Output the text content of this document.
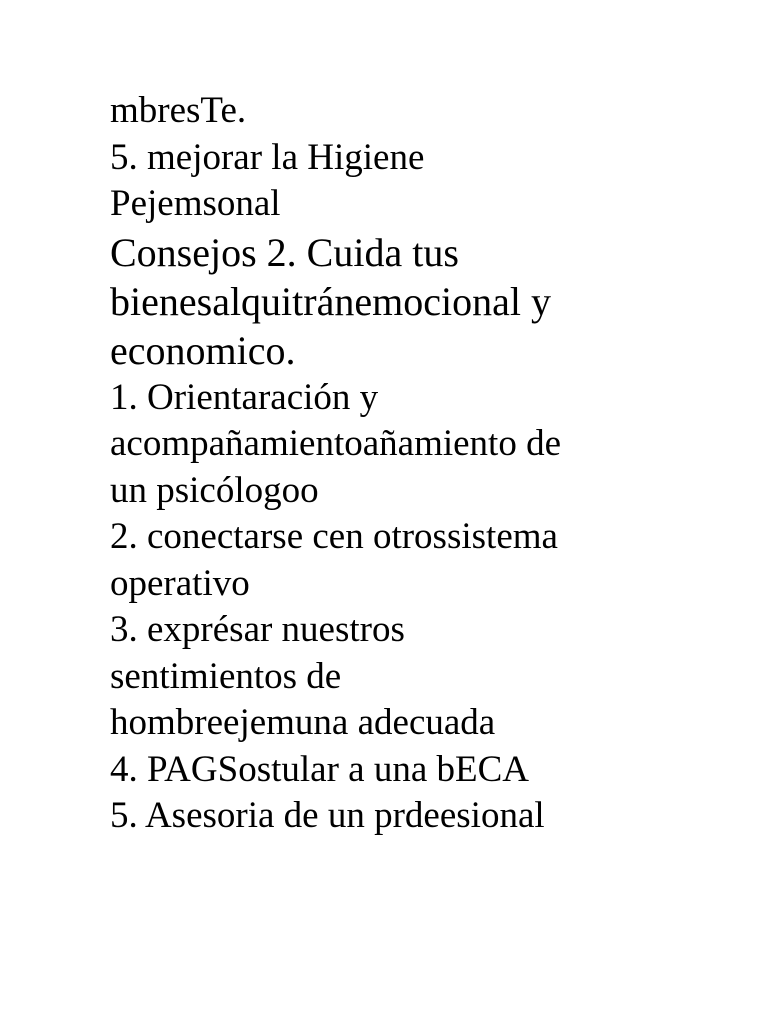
mbresTe.
5. mejorar la Higiene
Pejemsonal
Consejos 2. Cuida tus
bienesalquitránemocional y
economico.
1. Orientaración y
acompañamientoañamiento de
un psicólogoo
2. conectarse cen otrossistema
operativo
3. exprésar nuestros
sentimientos de
hombreejemuna adecuada
4. PAGSostular a una bECA
5. Asesoria de un prdeesional
